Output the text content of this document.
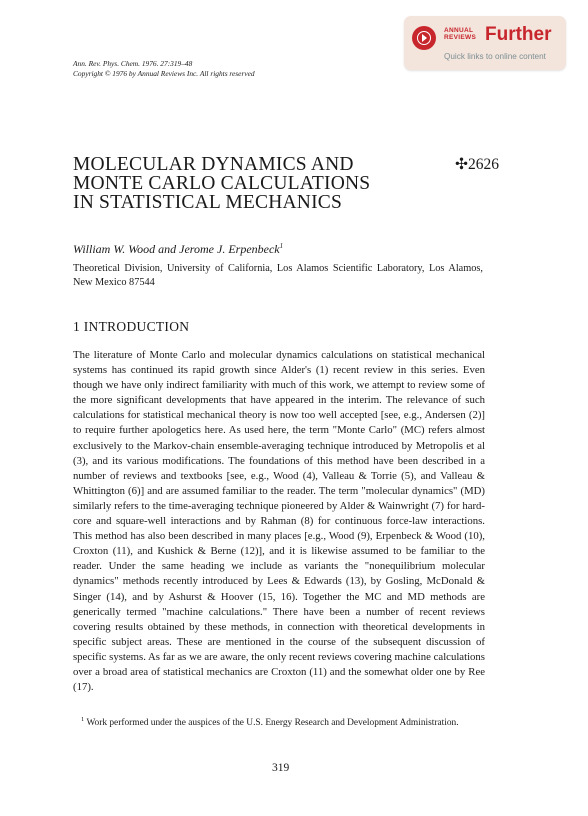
Ann. Rev. Phys. Chem. 1976. 27:319–48
Copyright © 1976 by Annual Reviews Inc. All rights reserved
ANNUAL
REVIEWS Further
Quick links to online content
MOLECULAR DYNAMICS AND
MONTE CARLO CALCULATIONS
IN STATISTICAL MECHANICS
✣2626
William W. Wood and Jerome J. Erpenbeck$^1$
Theoretical Division, University of California, Los Alamos Scientific Laboratory, Los Alamos, New Mexico 87544
1 INTRODUCTION
The literature of Monte Carlo and molecular dynamics calculations on statistical mechanical systems has continued its rapid growth since Alder's (1) recent review in this series. Even though we have only indirect familiarity with much of this work, we attempt to review some of the more significant developments that have appeared in the interim. The relevance of such calculations for statistical mechanical theory is now too well accepted [see, e.g., Andersen (2)] to require further apologetics here. As used here, the term "Monte Carlo" (MC) refers almost exclusively to the Markov-chain ensemble-averaging technique introduced by Metropolis et al (3), and its various modifications. The foundations of this method have been described in a number of reviews and textbooks [see, e.g., Wood (4), Valleau & Torrie (5), and Valleau & Whittington (6)] and are assumed familiar to the reader. The term "molecular dynamics" (MD) similarly refers to the time-averaging technique pioneered by Alder & Wainwright (7) for hard-core and square-well interactions and by Rahman (8) for continuous force-law interactions. This method has also been described in many places [e.g., Wood (9), Erpenbeck & Wood (10), Croxton (11), and Kushick & Berne (12)], and it is likewise assumed to be familiar to the reader. Under the same heading we include as variants the "nonequilibrium molecular dynamics" methods recently introduced by Lees & Edwards (13), by Gosling, McDonald & Singer (14), and by Ashurst & Hoover (15, 16). Together the MC and MD methods are generically termed "machine calculations." There have been a number of recent reviews covering results obtained by these methods, in connection with theoretical developments in specific subject areas. These are mentioned in the course of the subsequent discussion of specific systems. As far as we are aware, the only recent reviews covering machine calculations over a broad area of statistical mechanics are Croxton (11) and the somewhat older one by Ree (17).
$^1$ Work performed under the auspices of the U.S. Energy Research and Development Administration.
319
